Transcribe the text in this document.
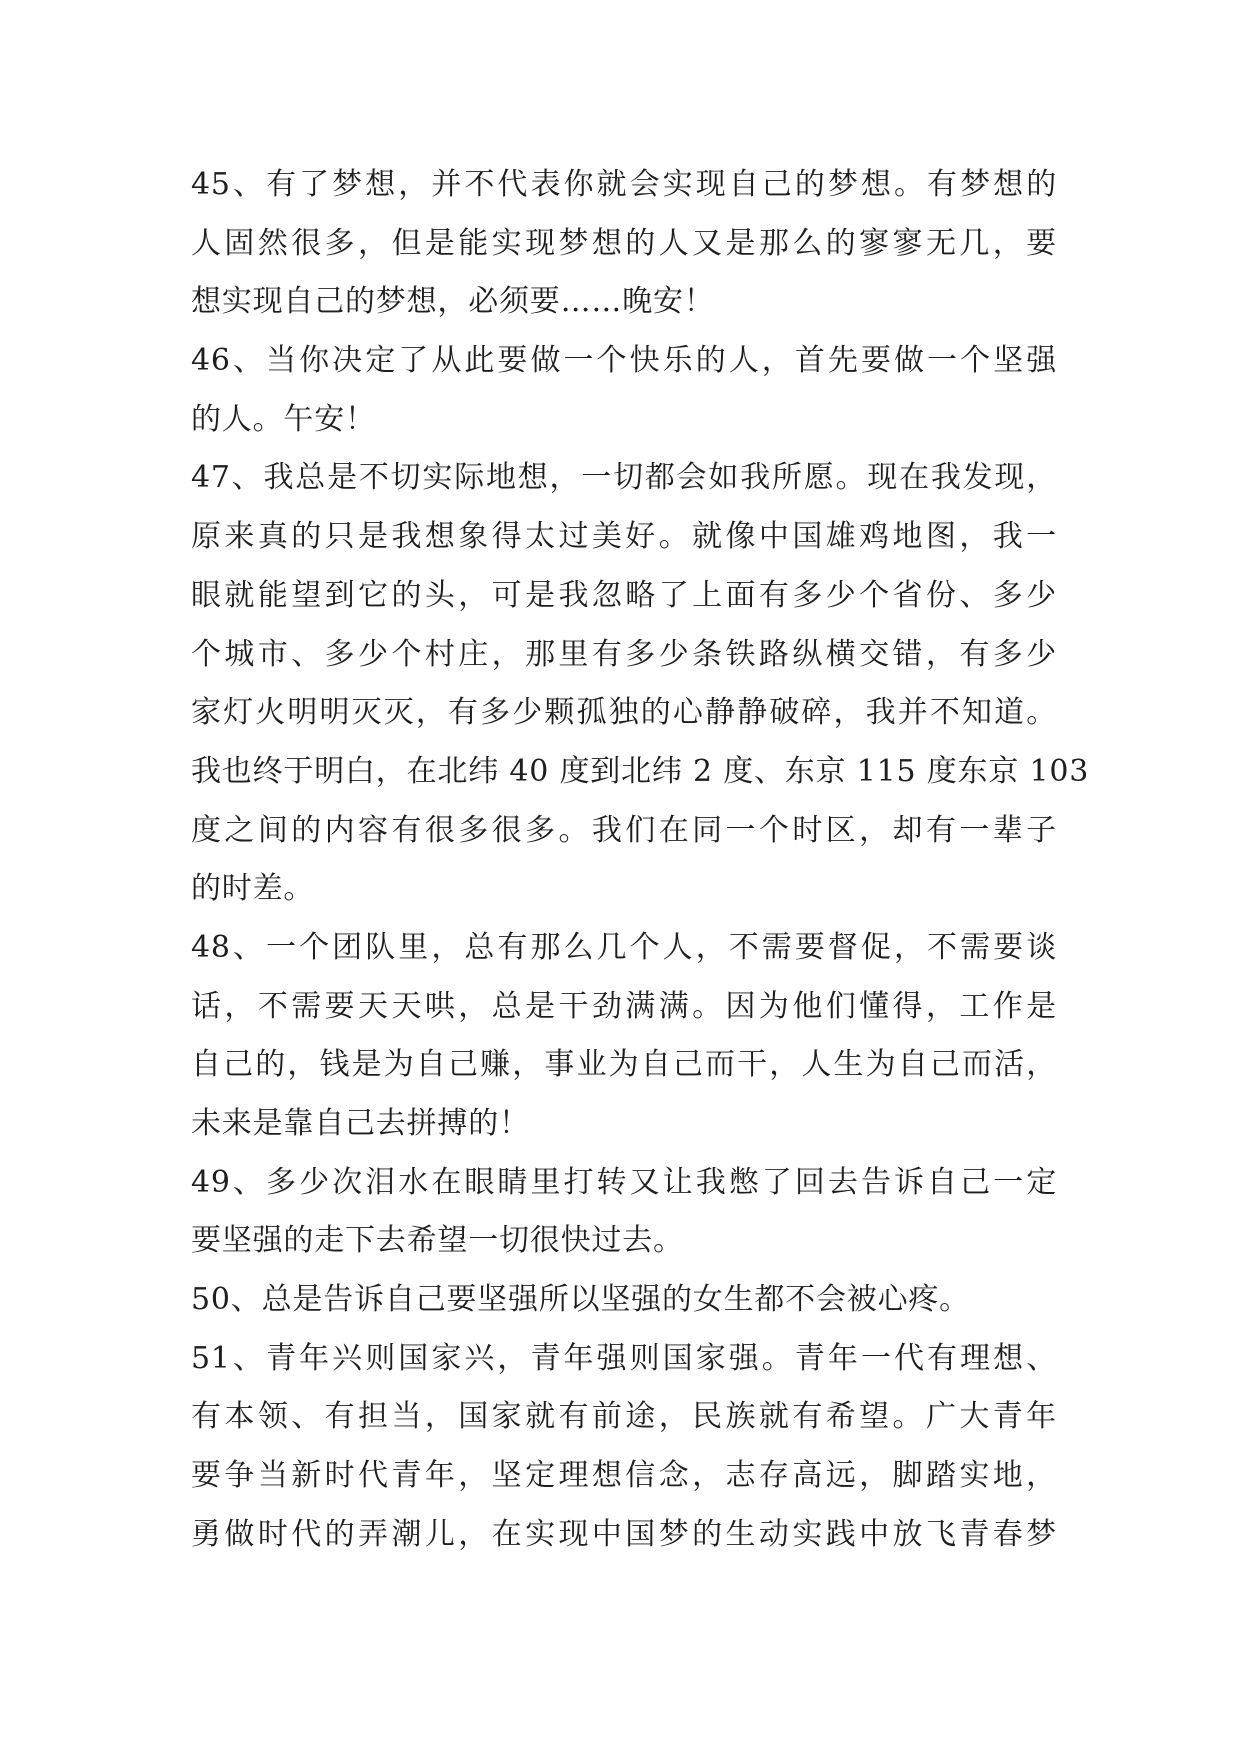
45、有了梦想，并不代表你就会实现自己的梦想。有梦想的
人固然很多，但是能实现梦想的人又是那么的寥寥无几，要
想实现自己的梦想，必须要……晚安！
46、当你决定了从此要做一个快乐的人，首先要做一个坚强
的人。午安！
47、我总是不切实际地想，一切都会如我所愿。现在我发现，
原来真的只是我想象得太过美好。就像中国雄鸡地图，我一
眼就能望到它的头，可是我忽略了上面有多少个省份、多少
个城市、多少个村庄，那里有多少条铁路纵横交错，有多少
家灯火明明灭灭，有多少颗孤独的心静静破碎，我并不知道。
我也终于明白，在北纬 40 度到北纬 2 度、东京 115 度东京 103
度之间的内容有很多很多。我们在同一个时区，却有一辈子
的时差。
48、一个团队里，总有那么几个人，不需要督促，不需要谈
话，不需要天天哄，总是干劲满满。因为他们懂得，工作是
自己的，钱是为自己赚，事业为自己而干，人生为自己而活，
未来是靠自己去拼搏的！
49、多少次泪水在眼睛里打转又让我憋了回去告诉自己一定
要坚强的走下去希望一切很快过去。
50、总是告诉自己要坚强所以坚强的女生都不会被心疼。
51、青年兴则国家兴，青年强则国家强。青年一代有理想、
有本领、有担当，国家就有前途，民族就有希望。广大青年
要争当新时代青年，坚定理想信念，志存高远，脚踏实地，
勇做时代的弄潮儿，在实现中国梦的生动实践中放飞青春梦
